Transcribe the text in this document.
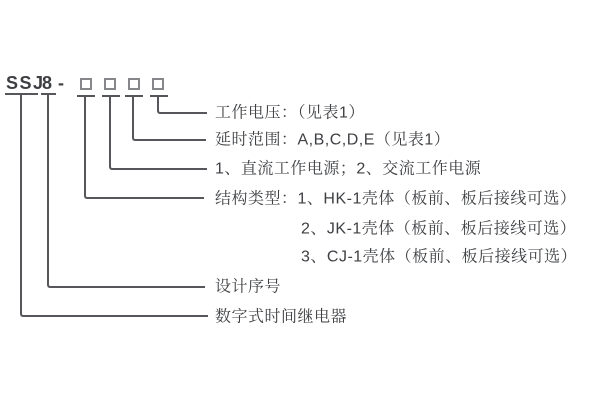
SSJ
8 -
工作电压：（见表1）
延时范围：A,B,C,D,E（见表1）
1、直流工作电源；2、交流工作电源
结构类型：1、HK-1壳体（板前、板后接线可选）
2、JK-1壳体（板前、板后接线可选）
3、CJ-1壳体（板前、板后接线可选）
设计序号
数字式时间继电器
